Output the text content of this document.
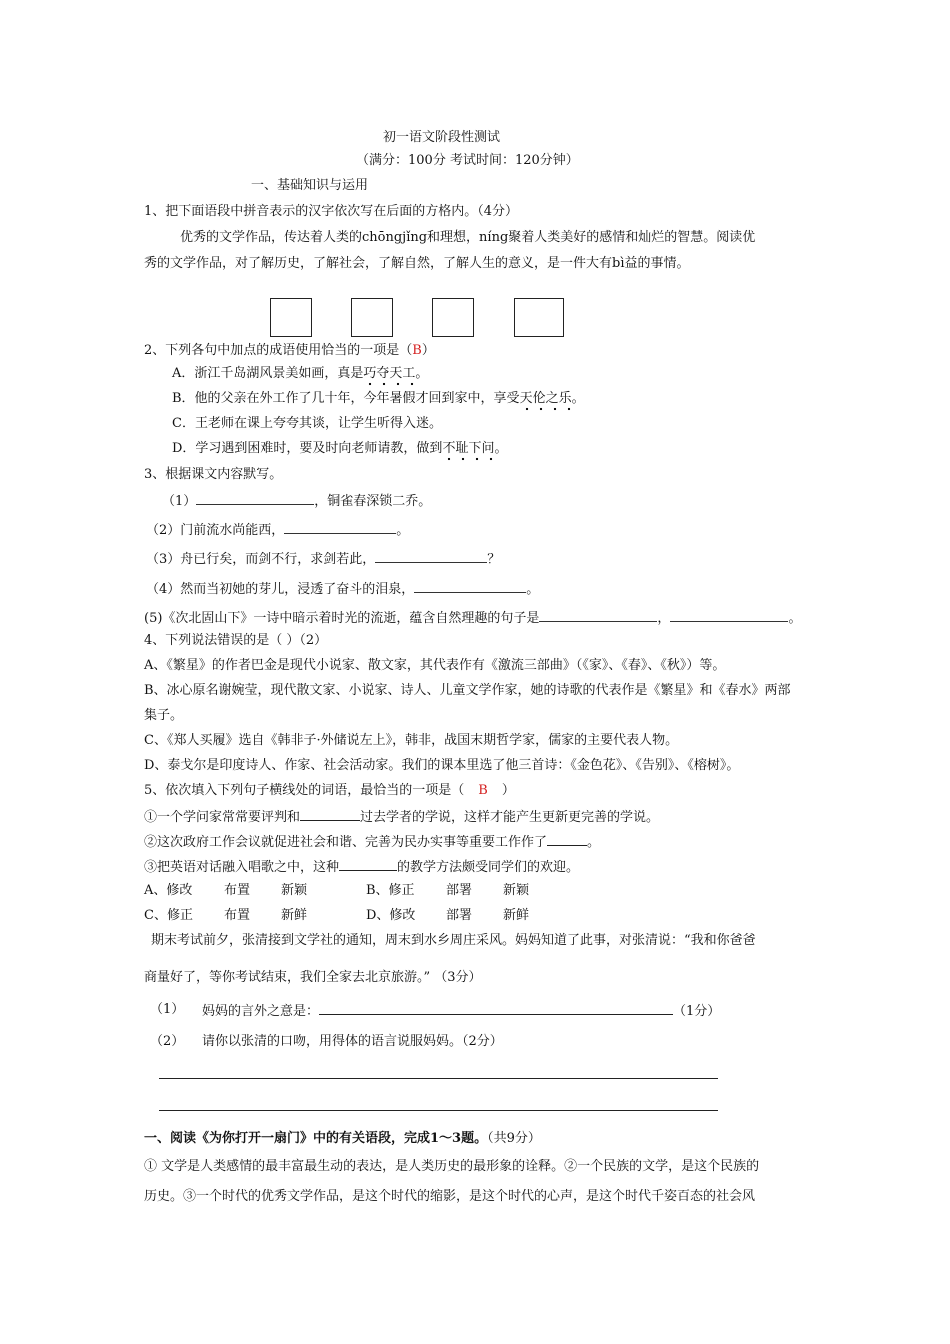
初一语文阶段性测试
（满分：100分 考试时间：120分钟）
一、基础知识与运用
1、把下面语段中拼音表示的汉字依次写在后面的方格内。（4分）
优秀的文学作品，传达着人类的chōngjǐng和理想，níng聚着人类美好的感情和灿烂的智慧。阅读优
秀的文学作品，对了解历史，了解社会，了解自然，了解人生的意义，是一件大有bì益的事情。
2、下列各句中加点的成语使用恰当的一项是（B）
A．浙江千岛湖风景美如画，真是巧夺天工。
B．他的父亲在外工作了几十年，今年暑假才回到家中，享受天伦之乐。
C．王老师在课上夸夸其谈，让学生听得入迷。
D．学习遇到困难时，要及时向老师请教，做到不耻下问。
3、根据课文内容默写。
（1）	，铜雀春深锁二乔。
（2）门前流水尚能西，	。
（3）舟已行矣，而剑不行，求剑若此，	？
（4）然而当初她的芽儿，浸透了奋斗的泪泉，	。
(5)《次北固山下》一诗中暗示着时光的流逝，蕴含自然理趣的句子是	，	。
4、下列说法错误的是（ ）（2）
A、《繁星》的作者巴金是现代小说家、散文家，其代表作有《激流三部曲》（《家》、《春》、《秋》）等。
B、冰心原名谢婉莹，现代散文家、小说家、诗人、儿童文学作家，她的诗歌的代表作是《繁星》和《春水》两部
集子。
C、《郑人买履》选自《韩非子·外储说左上》，韩非，战国末期哲学家，儒家的主要代表人物。
D、泰戈尔是印度诗人、作家、社会活动家。我们的课本里选了他三首诗：《金色花》、《告别》、《榕树》。
5、依次填入下列句子横线处的词语，最恰当的一项是（ B ）
①一个学问家常常要评判和	过去学者的学说，这样才能产生更新更完善的学说。
②这次政府工作会议就促进社会和谐、完善为民办实事等重要工作作了	。
③把英语对话融入唱歌之中，这种	的教学方法颇受同学们的欢迎。
A、修改 布置 新颖	B、修正 部署 新颖
C、修正 布置 新鲜	D、修改 部署 新鲜
期末考试前夕，张清接到文学社的通知，周末到水乡周庄采风。妈妈知道了此事，对张清说：“我和你爸爸
商量好了，等你考试结束，我们全家去北京旅游。” （3分）
（1） 妈妈的言外之意是：	（1分）
（2） 请你以张清的口吻，用得体的语言说服妈妈。（2分）
一、阅读《为你打开一扇门》中的有关语段，完成1～3题。（共9分）
① 文学是人类感情的最丰富最生动的表达，是人类历史的最形象的诠释。②一个民族的文学，是这个民族的
历史。③一个时代的优秀文学作品，是这个时代的缩影，是这个时代的心声，是这个时代千姿百态的社会风
